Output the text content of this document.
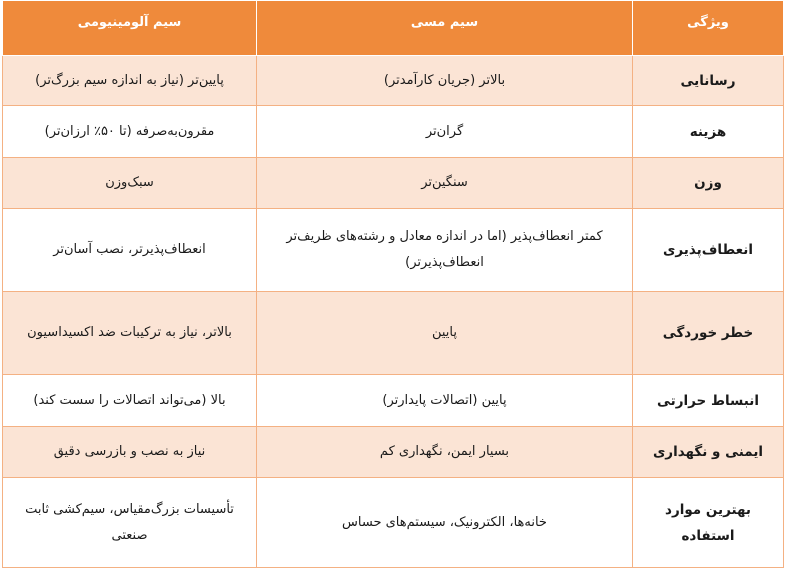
ویژگی	سیم مسی	سیم آلومینیومی
رسانایی	بالاتر (جریان کارآمدتر)	پایین‌تر (نیاز به اندازه سیم بزرگ‌تر)
هزینه	گران‌تر	مقرون‌به‌صرفه (تا ۵۰٪ ارزان‌تر)
وزن	سنگین‌تر	سبک‌وزن
انعطاف‌پذیری	کمتر انعطاف‌پذیر (اما در اندازه معادل و رشته‌های ظریف‌تر انعطاف‌پذیرتر)	انعطاف‌پذیرتر، نصب آسان‌تر
خطر خوردگی	پایین	بالاتر، نیاز به ترکیبات ضد اکسیداسیون
انبساط حرارتی	پایین (اتصالات پایدارتر)	بالا (می‌تواند اتصالات را سست کند)
ایمنی و نگهداری	بسیار ایمن، نگهداری کم	نیاز به نصب و بازرسی دقیق
بهترین موارد استفاده	خانه‌ها، الکترونیک، سیستم‌های حساس	تأسیسات بزرگ‌مقیاس، سیم‌کشی ثابت صنعتی
